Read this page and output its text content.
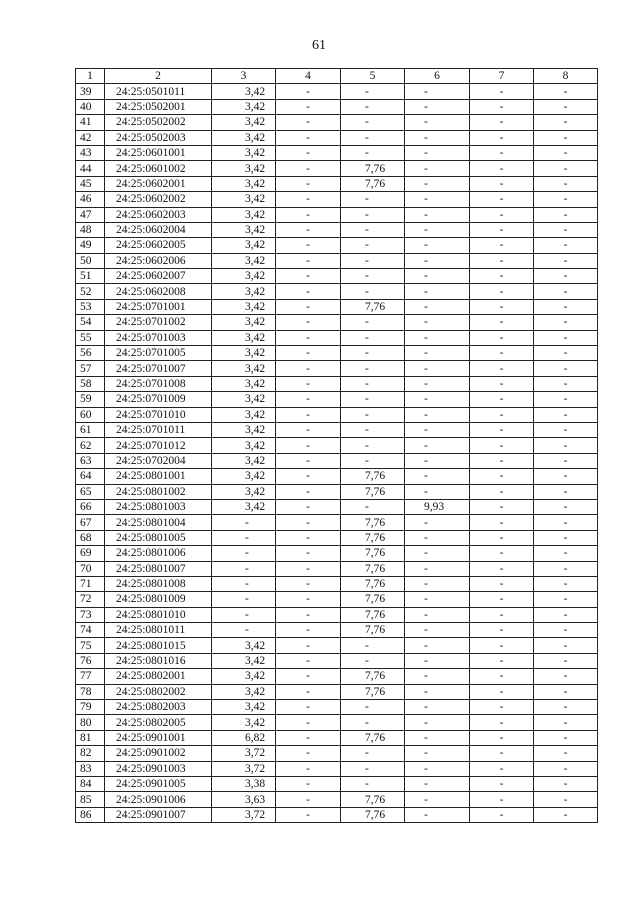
61
1	2	3	4	5	6	7	8
39	24:25:0501011	3,42	-	-	-	-	-
40	24:25:0502001	3,42	-	-	-	-	-
41	24:25:0502002	3,42	-	-	-	-	-
42	24:25:0502003	3,42	-	-	-	-	-
43	24:25:0601001	3,42	-	-	-	-	-
44	24:25:0601002	3,42	-	7,76	-	-	-
45	24:25:0602001	3,42	-	7,76	-	-	-
46	24:25:0602002	3,42	-	-	-	-	-
47	24:25:0602003	3,42	-	-	-	-	-
48	24:25:0602004	3,42	-	-	-	-	-
49	24:25:0602005	3,42	-	-	-	-	-
50	24:25:0602006	3,42	-	-	-	-	-
51	24:25:0602007	3,42	-	-	-	-	-
52	24:25:0602008	3,42	-	-	-	-	-
53	24:25:0701001	3,42	-	7,76	-	-	-
54	24:25:0701002	3,42	-	-	-	-	-
55	24:25:0701003	3,42	-	-	-	-	-
56	24:25:0701005	3,42	-	-	-	-	-
57	24:25:0701007	3,42	-	-	-	-	-
58	24:25:0701008	3,42	-	-	-	-	-
59	24:25:0701009	3,42	-	-	-	-	-
60	24:25:0701010	3,42	-	-	-	-	-
61	24:25:0701011	3,42	-	-	-	-	-
62	24:25:0701012	3,42	-	-	-	-	-
63	24:25:0702004	3,42	-	-	-	-	-
64	24:25:0801001	3,42	-	7,76	-	-	-
65	24:25:0801002	3,42	-	7,76	-	-	-
66	24:25:0801003	3,42	-	-	9,93	-	-
67	24:25:0801004	-	-	7,76	-	-	-
68	24:25:0801005	-	-	7,76	-	-	-
69	24:25:0801006	-	-	7,76	-	-	-
70	24:25:0801007	-	-	7,76	-	-	-
71	24:25:0801008	-	-	7,76	-	-	-
72	24:25:0801009	-	-	7,76	-	-	-
73	24:25:0801010	-	-	7,76	-	-	-
74	24:25:0801011	-	-	7,76	-	-	-
75	24:25:0801015	3,42	-	-	-	-	-
76	24:25:0801016	3,42	-	-	-	-	-
77	24:25:0802001	3,42	-	7,76	-	-	-
78	24:25:0802002	3,42	-	7,76	-	-	-
79	24:25:0802003	3,42	-	-	-	-	-
80	24:25:0802005	3,42	-	-	-	-	-
81	24:25:0901001	6,82	-	7,76	-	-	-
82	24:25:0901002	3,72	-	-	-	-	-
83	24:25:0901003	3,72	-	-	-	-	-
84	24:25:0901005	3,38	-	-	-	-	-
85	24:25:0901006	3,63	-	7,76	-	-	-
86	24:25:0901007	3,72	-	7,76	-	-	-
